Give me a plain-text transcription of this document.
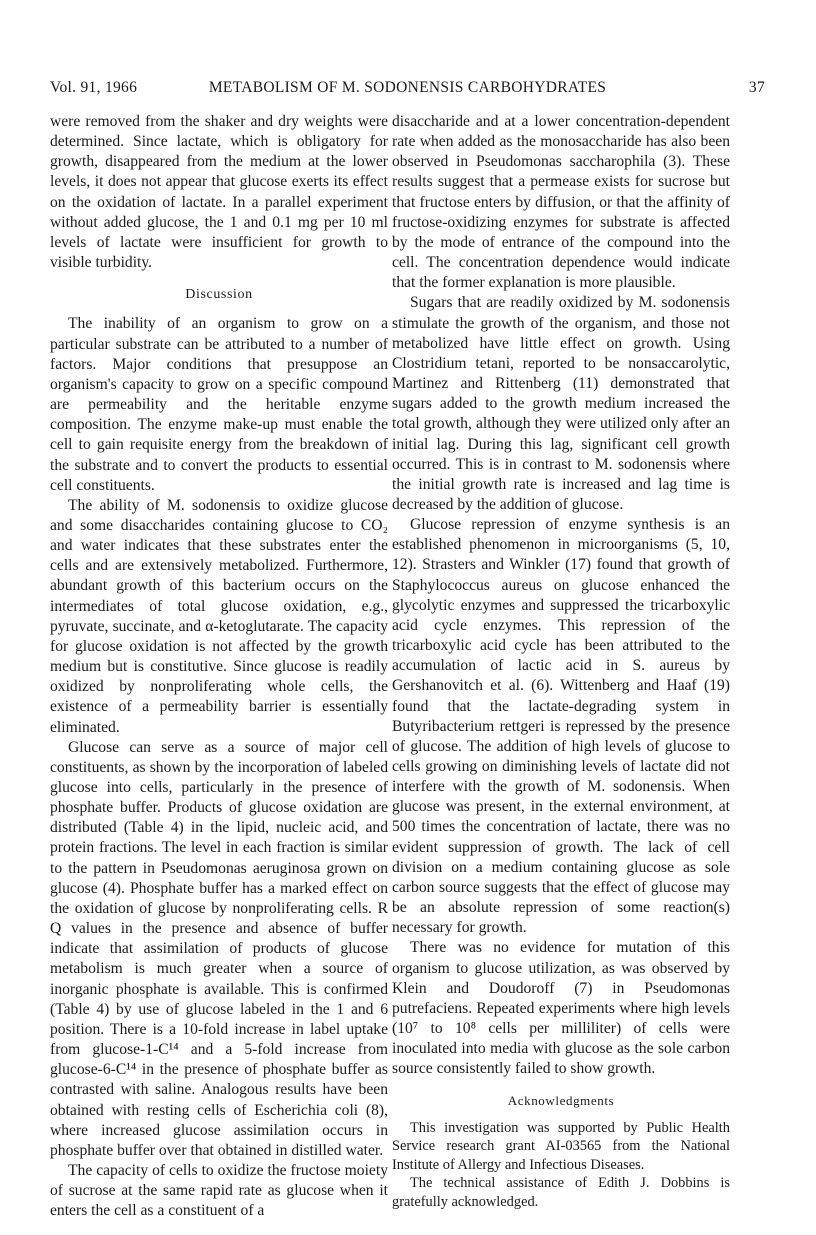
Vol. 91, 1966	METABOLISM OF M. SODONENSIS CARBOHYDRATES	37

were removed from the shaker and dry weights were determined. Since lactate, which is obligatory for growth, disappeared from the medium at the lower levels, it does not appear that glucose exerts its effect on the oxidation of lactate. In a parallel experiment without added glucose, the 1 and 0.1 mg per 10 ml levels of lactate were insufficient for growth to visible turbidity.

Discussion

The inability of an organism to grow on a particular substrate can be attributed to a number of factors. Major conditions that presuppose an organism's capacity to grow on a specific compound are permeability and the heritable enzyme composition. The enzyme make-up must enable the cell to gain requisite energy from the breakdown of the substrate and to convert the products to essential cell constituents.

The ability of M. sodonensis to oxidize glucose and some disaccharides containing glucose to CO₂ and water indicates that these substrates enter the cells and are extensively metabolized. Furthermore, abundant growth of this bacterium occurs on the intermediates of total glucose oxidation, e.g., pyruvate, succinate, and α-ketoglutarate. The capacity for glucose oxidation is not affected by the growth medium but is constitutive. Since glucose is readily oxidized by nonproliferating whole cells, the existence of a permeability barrier is essentially eliminated.

Glucose can serve as a source of major cell constituents, as shown by the incorporation of labeled glucose into cells, particularly in the presence of phosphate buffer. Products of glucose oxidation are distributed (Table 4) in the lipid, nucleic acid, and protein fractions. The level in each fraction is similar to the pattern in Pseudomonas aeruginosa grown on glucose (4). Phosphate buffer has a marked effect on the oxidation of glucose by nonproliferating cells. R Q values in the presence and absence of buffer indicate that assimilation of products of glucose metabolism is much greater when a source of inorganic phosphate is available. This is confirmed (Table 4) by use of glucose labeled in the 1 and 6 position. There is a 10-fold increase in label uptake from glucose-1-C¹⁴ and a 5-fold increase from glucose-6-C¹⁴ in the presence of phosphate buffer as contrasted with saline. Analogous results have been obtained with resting cells of Escherichia coli (8), where increased glucose assimilation occurs in phosphate buffer over that obtained in distilled water.

The capacity of cells to oxidize the fructose moiety of sucrose at the same rapid rate as glucose when it enters the cell as a constituent of a

disaccharide and at a lower concentration-dependent rate when added as the monosaccharide has also been observed in Pseudomonas saccharophila (3). These results suggest that a permease exists for sucrose but that fructose enters by diffusion, or that the affinity of fructose-oxidizing enzymes for substrate is affected by the mode of entrance of the compound into the cell. The concentration dependence would indicate that the former explanation is more plausible.

Sugars that are readily oxidized by M. sodonensis stimulate the growth of the organism, and those not metabolized have little effect on growth. Using Clostridium tetani, reported to be nonsaccarolytic, Martinez and Rittenberg (11) demonstrated that sugars added to the growth medium increased the total growth, although they were utilized only after an initial lag. During this lag, significant cell growth occurred. This is in contrast to M. sodonensis where the initial growth rate is increased and lag time is decreased by the addition of glucose.

Glucose repression of enzyme synthesis is an established phenomenon in microorganisms (5, 10, 12). Strasters and Winkler (17) found that growth of Staphylococcus aureus on glucose enhanced the glycolytic enzymes and suppressed the tricarboxylic acid cycle enzymes. This repression of the tricarboxylic acid cycle has been attributed to the accumulation of lactic acid in S. aureus by Gershanovitch et al. (6). Wittenberg and Haaf (19) found that the lactate-degrading system in Butyribacterium rettgeri is repressed by the presence of glucose. The addition of high levels of glucose to cells growing on diminishing levels of lactate did not interfere with the growth of M. sodonensis. When glucose was present, in the external environment, at 500 times the concentration of lactate, there was no evident suppression of growth. The lack of cell division on a medium containing glucose as sole carbon source suggests that the effect of glucose may be an absolute repression of some reaction(s) necessary for growth.

There was no evidence for mutation of this organism to glucose utilization, as was observed by Klein and Doudoroff (7) in Pseudomonas putrefaciens. Repeated experiments where high levels (10⁷ to 10⁸ cells per milliliter) of cells were inoculated into media with glucose as the sole carbon source consistently failed to show growth.

Acknowledgments

This investigation was supported by Public Health Service research grant AI-03565 from the National Institute of Allergy and Infectious Diseases.

The technical assistance of Edith J. Dobbins is gratefully acknowledged.
